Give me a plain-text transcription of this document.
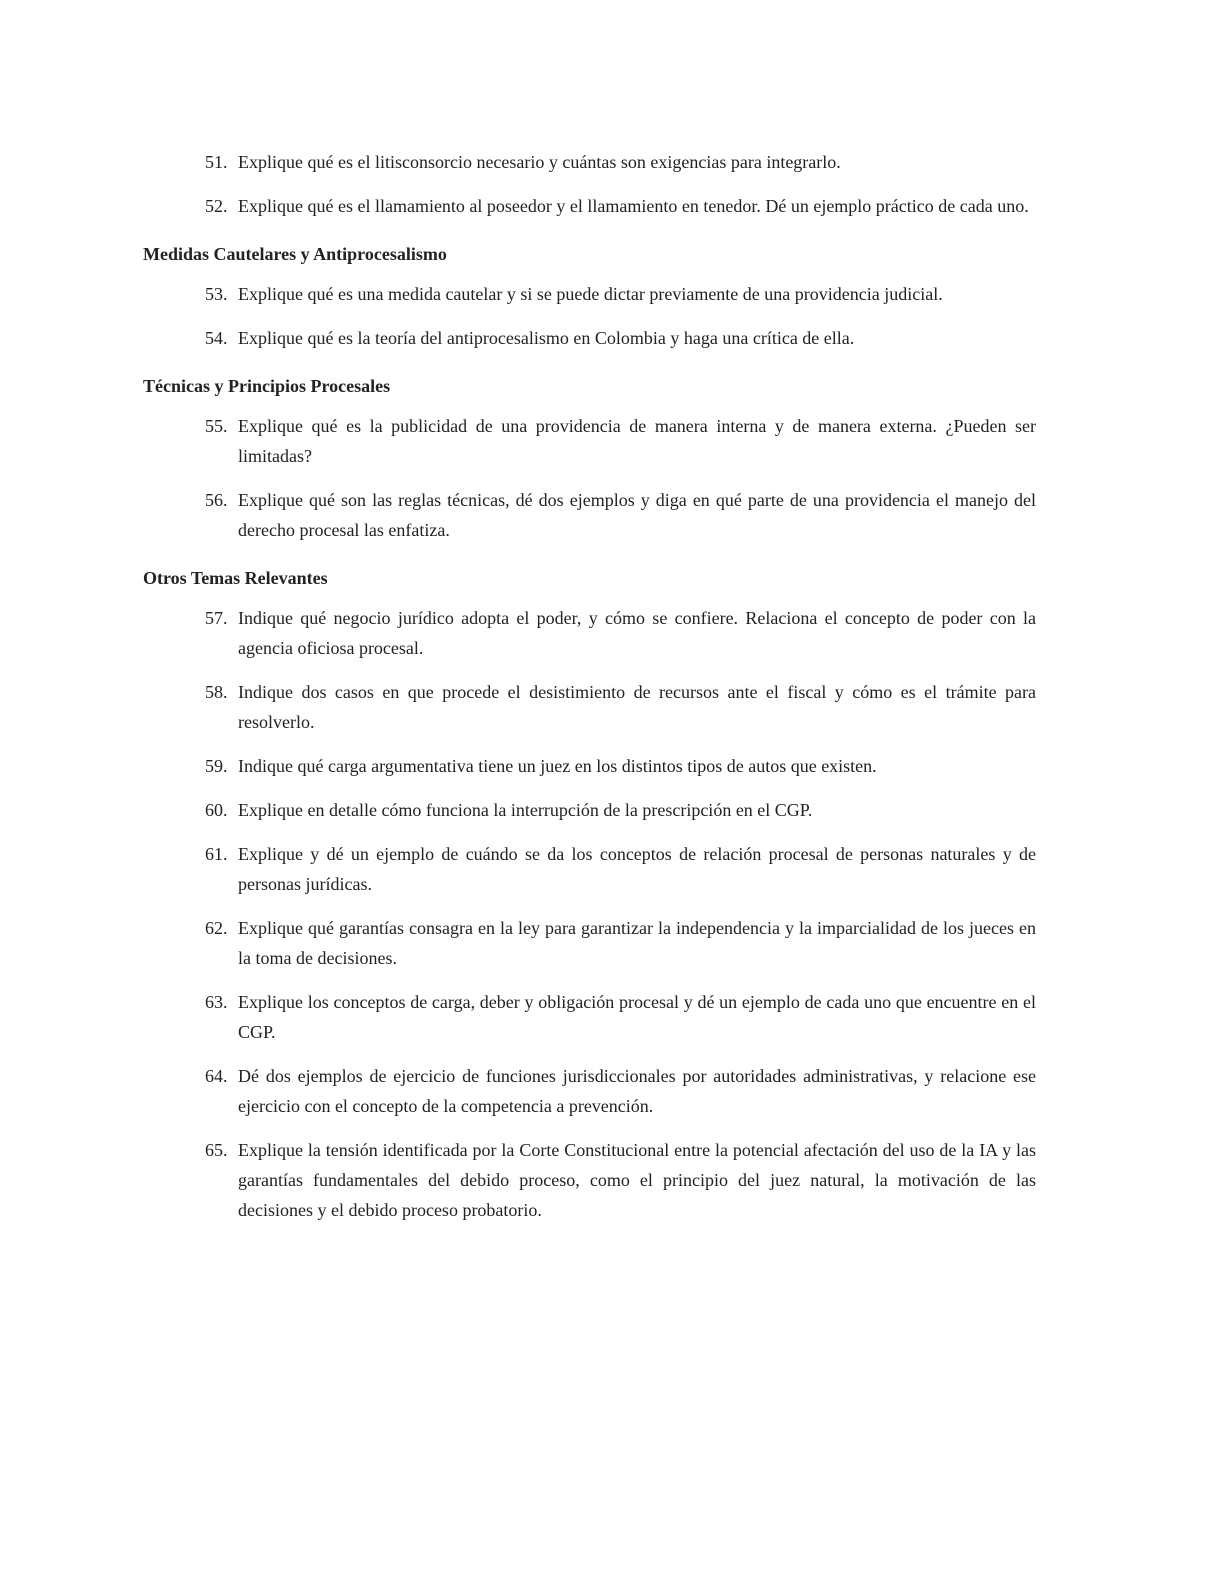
51. Explique qué es el litisconsorcio necesario y cuántas son exigencias para integrarlo.
52. Explique qué es el llamamiento al poseedor y el llamamiento en tenedor. Dé un ejemplo práctico de cada uno.
Medidas Cautelares y Antiprocesalismo
53. Explique qué es una medida cautelar y si se puede dictar previamente de una providencia judicial.
54. Explique qué es la teoría del antiprocesalismo en Colombia y haga una crítica de ella.
Técnicas y Principios Procesales
55. Explique qué es la publicidad de una providencia de manera interna y de manera externa. ¿Pueden ser limitadas?
56. Explique qué son las reglas técnicas, dé dos ejemplos y diga en qué parte de una providencia el manejo del derecho procesal las enfatiza.
Otros Temas Relevantes
57. Indique qué negocio jurídico adopta el poder, y cómo se confiere. Relaciona el concepto de poder con la agencia oficiosa procesal.
58. Indique dos casos en que procede el desistimiento de recursos ante el fiscal y cómo es el trámite para resolverlo.
59. Indique qué carga argumentativa tiene un juez en los distintos tipos de autos que existen.
60. Explique en detalle cómo funciona la interrupción de la prescripción en el CGP.
61. Explique y dé un ejemplo de cuándo se da los conceptos de relación procesal de personas naturales y de personas jurídicas.
62. Explique qué garantías consagra en la ley para garantizar la independencia y la imparcialidad de los jueces en la toma de decisiones.
63. Explique los conceptos de carga, deber y obligación procesal y dé un ejemplo de cada uno que encuentre en el CGP.
64. Dé dos ejemplos de ejercicio de funciones jurisdiccionales por autoridades administrativas, y relacione ese ejercicio con el concepto de la competencia a prevención.
65. Explique la tensión identificada por la Corte Constitucional entre la potencial afectación del uso de la IA y las garantías fundamentales del debido proceso, como el principio del juez natural, la motivación de las decisiones y el debido proceso probatorio.
